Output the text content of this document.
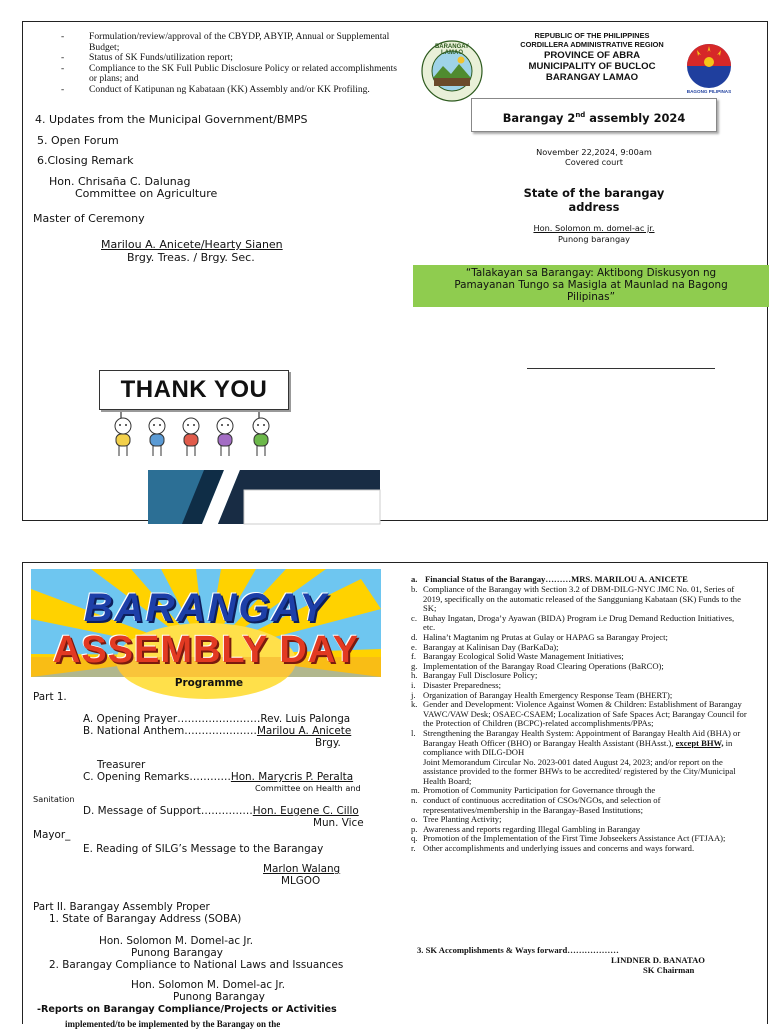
- Formulation/review/approval of the CBYDP, ABYIP, Annual or Supplemental Budget;
- Status of SK Funds/utilization report;
- Compliance to the SK Full Public Disclosure Policy or related accomplishments or plans; and
- Conduct of Katipunan ng Kabataan (KK) Assembly and/or KK Profiling.
4. Updates from the Municipal Government/BMPS
5. Open Forum
6.Closing Remark
Hon. Chrisaña C. Dalunag
Committee on Agriculture
Master of Ceremony
Marilou A. Anicete/Hearty Sianen
Brgy. Treas. / Brgy. Sec.
THANK YOU
BARANGAY LAMAO
REPUBLIC OF THE PHILIPPINES
CORDILLERA ADMINISTRATIVE REGION
PROVINCE OF ABRA
MUNICIPALITY OF BUCLOC
BARANGAY LAMAO
BAGONG PILIPINAS
Barangay 2nd assembly 2024
November 22,2024, 9:00am
Covered court
State of the barangay
address
Hon. Solomon m. domel-ac jr.
Punong barangay
“Talakayan sa Barangay: Aktibong Diskusyon ng Pamayanan Tungo sa Masigla at Maunlad na Bagong Pilipinas”
BARANGAY
ASSEMBLY DAY
Programme
Part 1.
A. Opening Prayer……………………Rev. Luis Palonga
B. National Anthem…………………Marilou A. Anicete
Brgy.
Treasurer
C. Opening Remarks…………Hon. Marycris P. Peralta
Committee on Health and
Sanitation
D. Message of Support……………Hon. Eugene C. Cillo
Mun. Vice
Mayor_
E. Reading of SILG’s Message to the Barangay
Marlon Walang
MLGOO
Part II. Barangay Assembly Proper
1. State of Barangay Address (SOBA)
Hon. Solomon M. Domel-ac Jr.
Punong Barangay
2. Barangay Compliance to National Laws and Issuances
Hon. Solomon M. Domel-ac Jr.
Punong Barangay
-Reports on Barangay Compliance/Projects or Activities
implemented/to be implemented by the Barangay on the
a. Financial Status of the Barangay………MRS. MARILOU A. ANICETE
b. Compliance of the Barangay with Section 3.2 of DBM-DILG-NYC JMC No. 01, Series of 2019, specifically on the automatic released of the Sangguniang Kabataan (SK) Funds to the SK;
c. Buhay Ingatan, Droga’y Ayawan (BIDA) Program i.e Drug Demand Reduction Initiatives, etc.
d. Halina’t Magtanim ng Prutas at Gulay or HAPAG sa Barangay Project;
e. Barangay at Kalinisan Day (BarKaDa);
f. Barangay Ecological Solid Waste Management Initiatives;
g. Implementation of the Barangay Road Clearing Operations (BaRCO);
h. Barangay Full Disclosure Policy;
i. Disaster Preparedness;
j. Organization of Barangay Health Emergency Response Team (BHERT);
k. Gender and Development: Violence Against Women & Children: Establishment of Barangay VAWC/VAW Desk; OSAEC-CSAEM; Localization of Safe Spaces Act; Barangay Council for the Protection of Children (BCPC)-related accomplishments/PPAs;
l. Strengthening the Barangay Health System: Appointment of Barangay Health Aid (BHA) or Barangay Heath Officer (BHO) or Barangay Health Assistant (BHAsst.), except BHW, in compliance with DILG-DOH
Joint Memorandum Circular No. 2023-001 dated August 24, 2023; and/or report on the assistance provided to the former BHWs to be accredited/ registered by the City/Municipal Health Board;
m. Promotion of Community Participation for Governance through the
n. conduct of continuous accreditation of CSOs/NGOs, and selection of representatives/membership in the Barangay-Based Institutions;
o. Tree Planting Activity;
p. Awareness and reports regarding Illegal Gambling in Barangay
q. Promotion of the Implementation of the First Time Jobseekers Assistance Act (FTJAA);
r. Other accomplishments and underlying issues and concerns and ways forward.
3. SK Accomplishments & Ways forward………………
LINDNER D. BANATAO
SK Chairman
